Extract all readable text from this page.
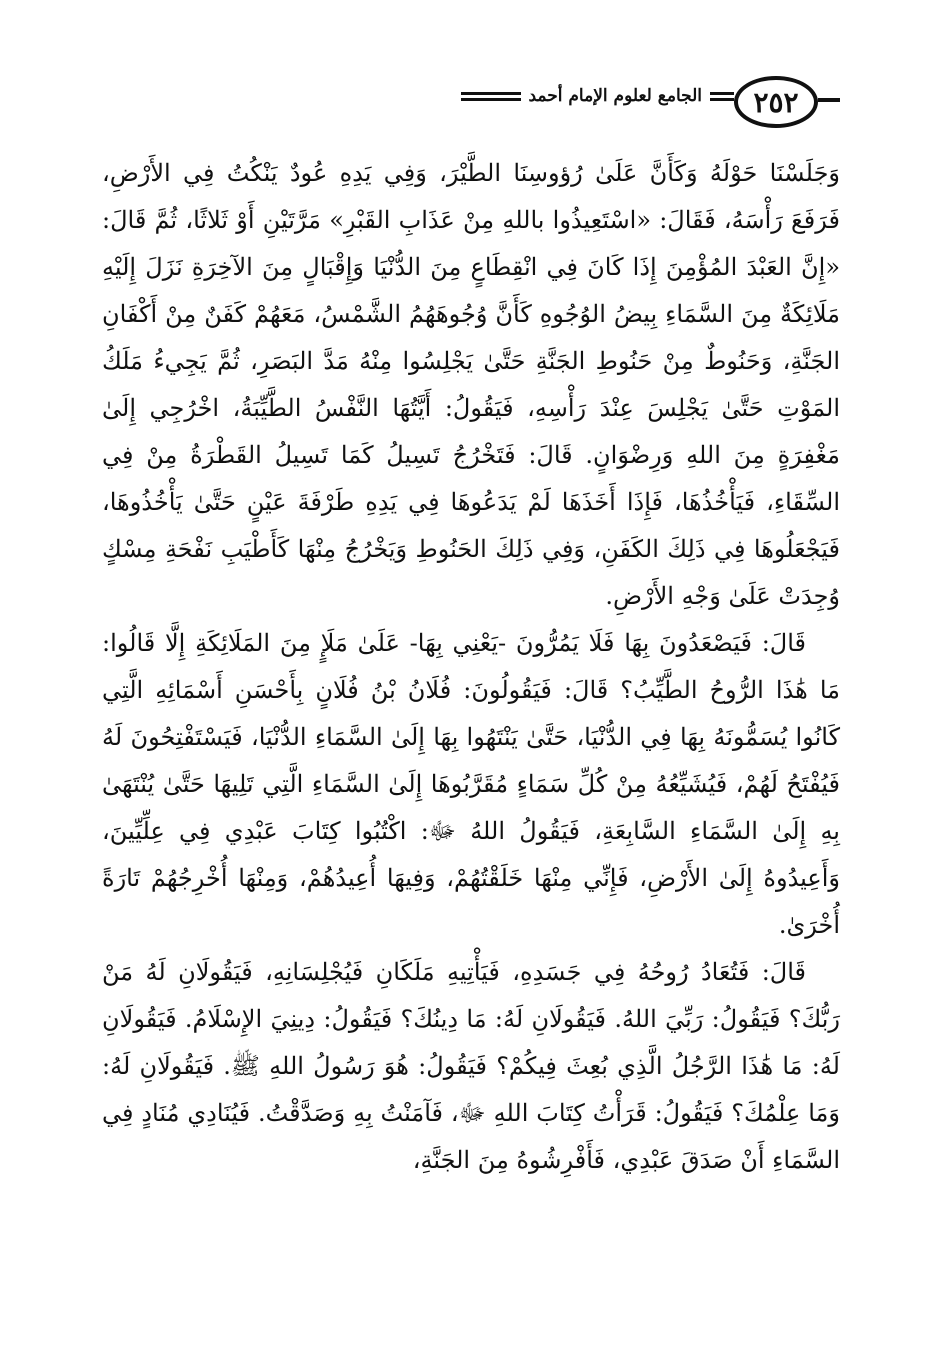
٢٥٢
الجامع لعلوم الإمام أحمد

وَجَلَسْنَا حَوْلَهُ وَكَأَنَّ عَلَىٰ رُؤوسِنَا الطَّيْرَ، وَفِي يَدِهِ عُودٌ يَنْكُتُ فِي الأَرْضِ، فَرَفَعَ رَأْسَهُ، فَقَالَ: «اسْتَعِيذُوا باللهِ مِنْ عَذَابِ القَبْرِ» مَرَّتَيْنِ أَوْ ثَلاثًا، ثُمَّ قَالَ: «إِنَّ العَبْدَ المُؤْمِنَ إِذَا كَانَ فِي انْقِطَاعٍ مِنَ الدُّنْيَا وَإِقْبَالٍ مِنَ الآخِرَةِ نَزَلَ إِلَيْهِ مَلَائِكَةٌ مِنَ السَّمَاءِ بِيضُ الوُجُوهِ كَأَنَّ وُجُوهَهُمُ الشَّمْسُ، مَعَهُمْ كَفَنٌ مِنْ أَكْفَانِ الجَنَّةِ، وَحَنُوطٌ مِنْ حَنُوطِ الجَنَّةِ حَتَّىٰ يَجْلِسُوا مِنْهُ مَدَّ البَصَرِ، ثُمَّ يَجِيءُ مَلَكُ المَوْتِ حَتَّىٰ يَجْلِسَ عِنْدَ رَأْسِهِ، فَيَقُولُ: أَيَّتُهَا النَّفْسُ الطَّيِّبَةُ، اخْرُجِي إِلَىٰ مَغْفِرَةٍ مِنَ اللهِ وَرِضْوَانٍ. قَالَ: فَتَخْرُجُ تَسِيلُ كَمَا تَسِيلُ القَطْرَةُ مِنْ فِي السِّقَاءِ، فَيَأْخُذُهَا، فَإِذَا أَخَذَهَا لَمْ يَدَعُوهَا فِي يَدِهِ طَرْفَةَ عَيْنٍ حَتَّىٰ يَأْخُذُوهَا، فَيَجْعَلُوهَا فِي ذَلِكَ الكَفَنِ، وَفِي ذَلِكَ الحَنُوطِ وَيَخْرُجُ مِنْهَا كَأَطْيَبِ نَفْحَةِ مِسْكٍ وُجِدَتْ عَلَىٰ وَجْهِ الأَرْضِ.

قَالَ: فَيَصْعَدُونَ بِهَا فَلَا يَمُرُّونَ -يَعْنِي بِهَا- عَلَىٰ مَلَإٍ مِنَ المَلَائِكَةِ إِلَّا قَالُوا: مَا هَٰذَا الرُّوحُ الطَّيِّبُ؟ قَالَ: فَيَقُولُونَ: فُلَانُ بْنُ فُلَانٍ بِأَحْسَنِ أَسْمَائِهِ الَّتِي كَانُوا يُسَمُّونَهُ بِهَا فِي الدُّنْيَا، حَتَّىٰ يَنْتَهُوا بِهَا إِلَىٰ السَّمَاءِ الدُّنْيَا، فَيَسْتَفْتِحُونَ لَهُ فَيُفْتَحُ لَهُمْ، فَيُشَيِّعُهُ مِنْ كُلِّ سَمَاءٍ مُقَرَّبُوهَا إِلَىٰ السَّمَاءِ الَّتِي تَلِيهَا حَتَّىٰ يُنْتَهَىٰ بِهِ إِلَىٰ السَّمَاءِ السَّابِعَةِ، فَيَقُولُ اللهُ ﷻ: اكْتُبُوا كِتَابَ عَبْدِي فِي عِلِّيِّينَ، وَأَعِيدُوهُ إِلَىٰ الأَرْضِ، فَإِنِّي مِنْهَا خَلَقْتُهُمْ، وَفِيهَا أُعِيدُهُمْ، وَمِنْهَا أُخْرِجُهُمْ تَارَةً أُخْرَىٰ.

قَالَ: فَتُعَادُ رُوحُهُ فِي جَسَدِهِ، فَيَأْتِيهِ مَلَكَانِ فَيُجْلِسَانِهِ، فَيَقُولَانِ لَهُ مَنْ رَبُّكَ؟ فَيَقُولُ: رَبِّيَ اللهُ. فَيَقُولَانِ لَهُ: مَا دِينُكَ؟ فَيَقُولُ: دِينِيَ الإِسْلَامُ. فَيَقُولَانِ لَهُ: مَا هَٰذَا الرَّجُلُ الَّذِي بُعِثَ فِيكُمْ؟ فَيَقُولُ: هُوَ رَسُولُ اللهِ ﷺ. فَيَقُولَانِ لَهُ: وَمَا عِلْمُكَ؟ فَيَقُولُ: قَرَأْتُ كِتَابَ اللهِ ﷻ، فَآمَنْتُ بِهِ وَصَدَّقْتُ. فَيُنَادِي مُنَادٍ فِي السَّمَاءِ أَنْ صَدَقَ عَبْدِي، فَأَفْرِشُوهُ مِنَ الجَنَّةِ،
